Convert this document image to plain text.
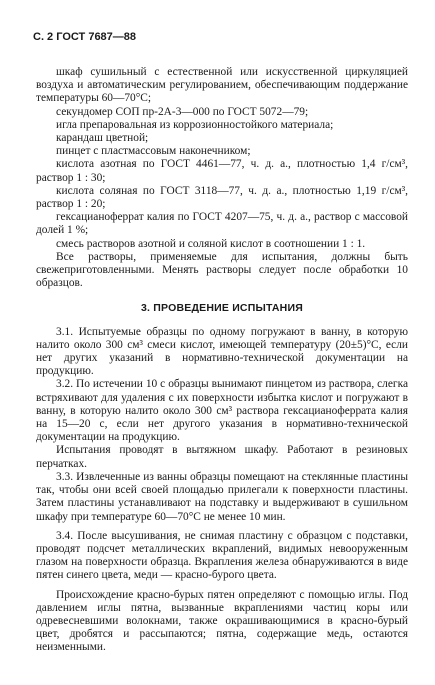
С. 2 ГОСТ 7687—88

шкаф сушильный с естественной или искусственной циркуляцией воздуха и автоматическим регулированием, обеспечивающим поддержание температуры 60—70°С;

секундомер СОП пр-2А-3—000 по ГОСТ 5072—79;

игла препаровальная из коррозионностойкого материала;

карандаш цветной;

пинцет с пластмассовым наконечником;

кислота азотная по ГОСТ 4461—77, ч. д. а., плотностью 1,4 г/см³, раствор 1 : 30;

кислота соляная по ГОСТ 3118—77, ч. д. а., плотностью 1,19 г/см³, раствор 1 : 20;

гексацианоферрат калия по ГОСТ 4207—75, ч. д. а., раствор с массовой долей 1 %;

смесь растворов азотной и соляной кислот в соотношении 1 : 1.

Все растворы, применяемые для испытания, должны быть свежеприготовленными. Менять растворы следует после обработки 10 образцов.

3. ПРОВЕДЕНИЕ ИСПЫТАНИЯ

3.1. Испытуемые образцы по одному погружают в ванну, в которую налито около 300 см³ смеси кислот, имеющей температуру (20±5)°С, если нет других указаний в нормативно-технической документации на продукцию.

3.2. По истечении 10 с образцы вынимают пинцетом из раствора, слегка встряхивают для удаления с их поверхности избытка кислот и погружают в ванну, в которую налито около 300 см³ раствора гексацианоферрата калия на 15—20 с, если нет другого указания в нормативно-технической документации на продукцию.

Испытания проводят в вытяжном шкафу. Работают в резиновых перчатках.

3.3. Извлеченные из ванны образцы помещают на стеклянные пластины так, чтобы они всей своей площадью прилегали к поверхности пластины. Затем пластины устанавливают на подставку и выдерживают в сушильном шкафу при температуре 60—70°С не менее 10 мин.

3.4. После высушивания, не снимая пластину с образцом с подставки, проводят подсчет металлических вкраплений, видимых невооруженным глазом на поверхности образца. Вкрапления железа обнаруживаются в виде пятен синего цвета, меди — красно-бурого цвета.

Происхождение красно-бурых пятен определяют с помощью иглы. Под давлением иглы пятна, вызванные вкраплениями частиц коры или одревесневшими волокнами, также окрашивающимися в красно-бурый цвет, дробятся и рассыпаются; пятна, содержащие медь, остаются неизменными.
